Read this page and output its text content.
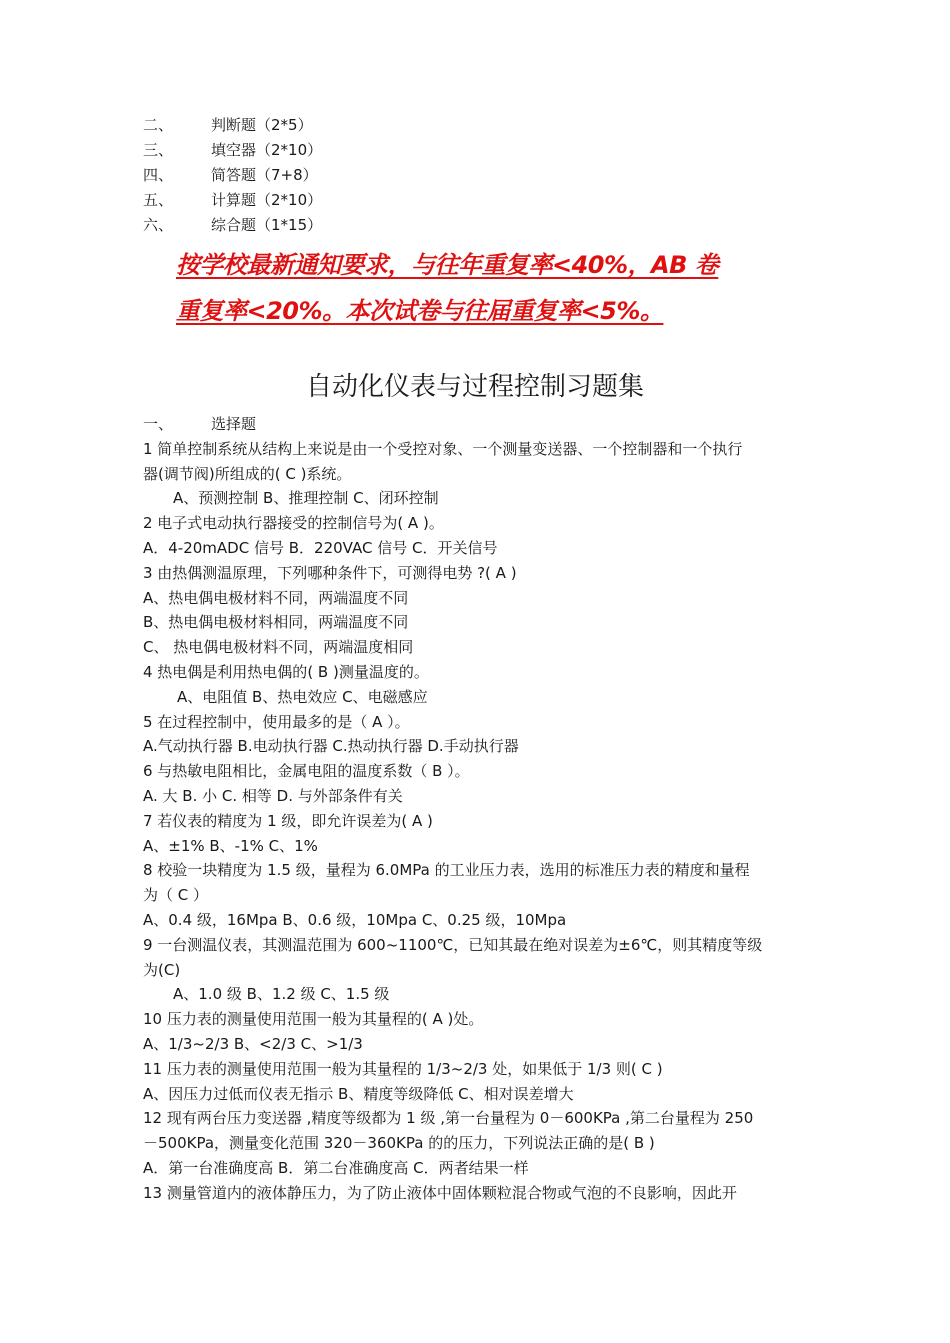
二、	判断题（2*5）
三、	填空器（2*10）
四、	简答题（7+8）
五、	计算题（2*10）
六、	综合题（1*15）
按学校最新通知要求，与往年重复率<40%，AB 卷
重复率<20%。本次试卷与往届重复率<5%。
自动化仪表与过程控制习题集
一、	选择题
1 简单控制系统从结构上来说是由一个受控对象、一个测量变送器、一个控制器和一个执行
器(调节阀)所组成的( C )系统。
A、预测控制 B、推理控制 C、闭环控制
2 电子式电动执行器接受的控制信号为( A )。
A．4-20mADC 信号 B．220VAC 信号 C．开关信号
3 由热偶测温原理，下列哪种条件下，可测得电势 ?( A )
A、热电偶电极材料不同，两端温度不同
B、热电偶电极材料相同，两端温度不同
C、 热电偶电极材料不同，两端温度相同
4 热电偶是利用热电偶的( B )测量温度的。
A、电阻值 B、热电效应 C、电磁感应
5 在过程控制中，使用最多的是（ A ）。
A.气动执行器 B.电动执行器 C.热动执行器 D.手动执行器
6 与热敏电阻相比，金属电阻的温度系数（ B ）。
A. 大 B. 小 C. 相等 D. 与外部条件有关
7 若仪表的精度为 1 级，即允许误差为( A )
A、±1% B、-1% C、1%
8 校验一块精度为 1.5 级，量程为 6.0MPa 的工业压力表，选用的标准压力表的精度和量程
为（ C ）
A、0.4 级，16Mpa B、0.6 级，10Mpa C、0.25 级，10Mpa
9 一台测温仪表，其测温范围为 600~1100℃，已知其最在绝对误差为±6℃，则其精度等级
为(C)
A、1.0 级 B、1.2 级 C、1.5 级
10 压力表的测量使用范围一般为其量程的( A )处。
A、1/3~2/3 B、<2/3 C、>1/3
11 压力表的测量使用范围一般为其量程的 1/3~2/3 处，如果低于 1/3 则( C )
A、因压力过低而仪表无指示 B、精度等级降低 C、相对误差增大
12 现有两台压力变送器 ,精度等级都为 1 级 ,第一台量程为 0－600KPa ,第二台量程为 250
－500KPa，测量变化范围 320－360KPa 的的压力，下列说法正确的是( B )
A．第一台准确度高 B．第二台准确度高 C．两者结果一样
13 测量管道内的液体静压力，为了防止液体中固体颗粒混合物或气泡的不良影响，因此开
